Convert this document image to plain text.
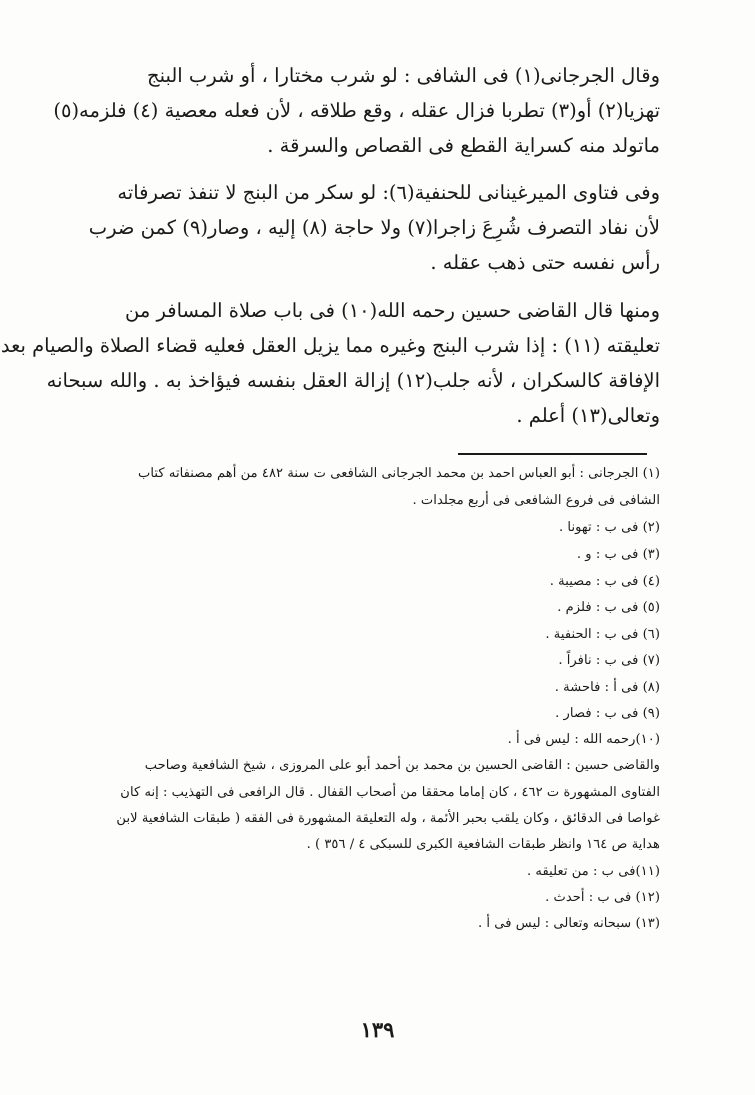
وقال الجرجانى(١) فى الشافى : لو شرب مختارا ، أو شرب البنج
تهزيا(٢) أو(٣) تطربا فزال عقله ، وقع طلاقه ، لأن فعله معصية (٤) فلزمه(٥)
ماتولد منه كسراية القطع فى القصاص والسرقة .
وفى فتاوى الميرغينانى للحنفية(٦): لو سكر من البنج لا تنفذ تصرفاته
لأن نفاد التصرف شُرِعَ زاجرا(٧) ولا حاجة (٨) إليه ، وصار(٩) كمن ضرب
رأس نفسه حتى ذهب عقله .
ومنها قال القاضى حسين رحمه الله(١٠) فى باب صلاة المسافر من
تعليقته (١١) : إذا شرب البنج وغيره مما يزيل العقل فعليه قضاء الصلاة والصيام بعد
الإفاقة كالسكران ، لأنه جلب(١٢) إزالة العقل بنفسه فيؤاخذ به . والله سبحانه
وتعالى(١٣) أعلم .
(١) الجرجانى : أبو العباس احمد بن محمد الجرجانى الشافعى ت سنة ٤٨٢ من أهم مصنفاته كتاب
الشافى فى فروع الشافعى فى أربع مجلدات .
(٢) فى ب : تهونا .
(٣) فى ب : و .
(٤) فى ب : مصيبة .
(٥) فى ب : فلزم .
(٦) فى ب : الحنفية .
(٧) فى ب : نافراً .
(٨) فى أ : فاحشة .
(٩) فى ب : فصار .
(١٠)رحمه الله : ليس فى أ .
والقاضى حسين : القاضى الحسين بن محمد بن أحمد أبو على المروزى ، شيخ الشافعية وصاحب
الفتاوى المشهورة ت ٤٦٢ ، كان إماما محققا من أصحاب القفال . قال الرافعى فى التهذيب : إنه كان
غواصا فى الدقائق ، وكان يلقب بحبر الأئمة ، وله التعليقة المشهورة فى الفقه ( طبقات الشافعية لابن
هداية ص ١٦٤ وانظر طبقات الشافعية الكبرى للسبكى ٤ / ٣٥٦ ) .
(١١)فى ب : من تعليقه .
(١٢) فى ب : أحدث .
(١٣) سبحانه وتعالى : ليس فى أ .
١٣٩
